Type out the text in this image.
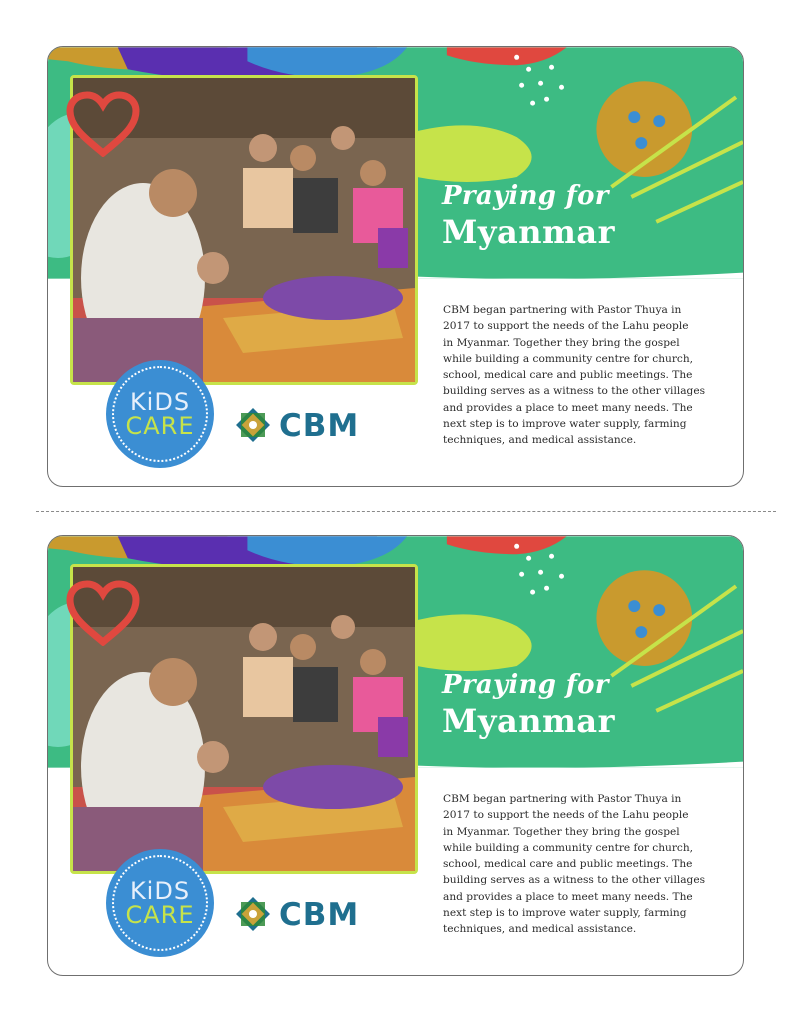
Praying for
Myanmar
CBM began partnering with Pastor Thuya in
2017 to support the needs of the Lahu people
in Myanmar. Together they bring the gospel
while building a community centre for church,
school, medical care and public meetings. The
building serves as a witness to the other villages
and provides a place to meet many needs. The
next step is to improve water supply, farming
techniques, and medical assistance.
KiDS
CARE	CBM
Praying for
Myanmar
CBM began partnering with Pastor Thuya in
2017 to support the needs of the Lahu people
in Myanmar. Together they bring the gospel
while building a community centre for church,
school, medical care and public meetings. The
building serves as a witness to the other villages
and provides a place to meet many needs. The
next step is to improve water supply, farming
techniques, and medical assistance.
KiDS
CARE	CBM
